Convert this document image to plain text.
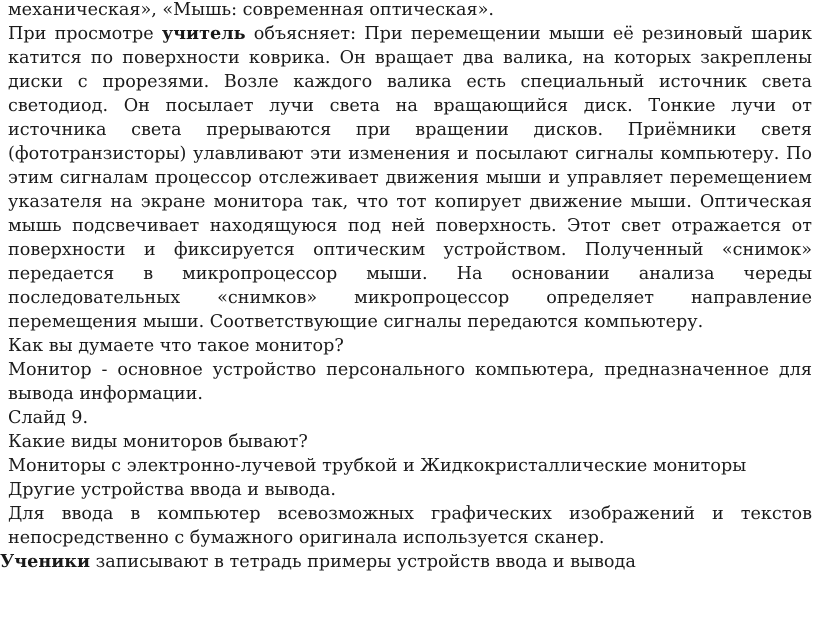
механическая», «Мышь: современная оптическая».

При просмотре учитель объясняет: При перемещении мыши её резиновый шарик катится по поверхности коврика. Он вращает два валика, на которых закреплены диски с прорезями. Возле каждого валика есть специальный источник света светодиод. Он посылает лучи света на вращающийся диск. Тонкие лучи от источника света прерываются при вращении дисков. Приёмники светя (фототранзисторы) улавливают эти изменения и посылают сигналы компьютеру. По этим сигналам процессор отслеживает движения мыши и управляет перемещением указателя на экране монитора так, что тот копирует движение мыши. Оптическая мышь подсвечивает находящуюся под ней поверхность. Этот свет отражается от поверхности и фиксируется оптическим устройством. Полученный «снимок» передается в микропроцессор мыши. На основании анализа череды последовательных «снимков» микропроцессор определяет направление перемещения мыши. Соответствующие сигналы передаются компьютеру.

Как вы думаете что такое монитор?

Монитор - основное устройство персонального компьютера, предназначенное для вывода информации.

Слайд 9.

Какие виды мониторов бывают?

Мониторы с электронно-лучевой трубкой и Жидкокристаллические мониторы

Другие устройства ввода и вывода.

Для ввода в компьютер всевозможных графических изображений и текстов непосредственно с бумажного оригинала используется сканер.

Ученики записывают в тетрадь примеры устройств ввода и вывода
